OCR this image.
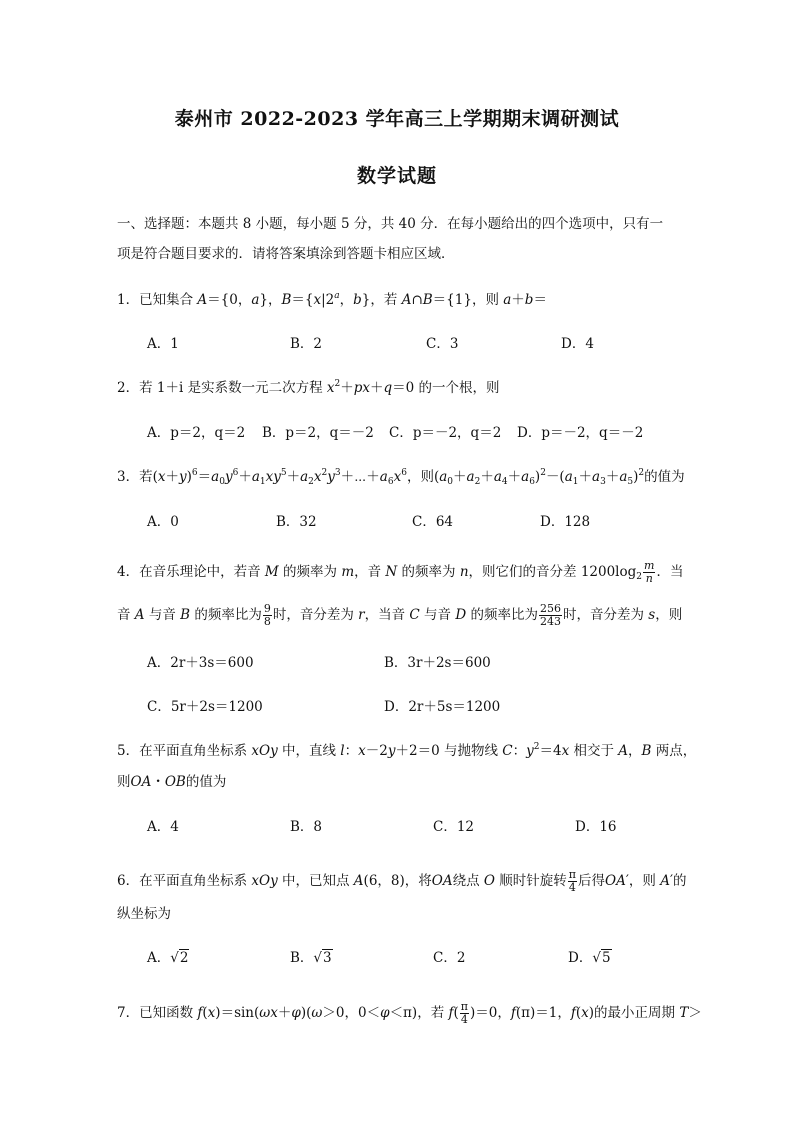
泰州市 2022-2023 学年高三上学期期末调研测试
数学试题
一、选择题：本题共 8 小题，每小题 5 分，共 40 分．在每小题给出的四个选项中，只有一
项是符合题目要求的．请将答案填涂到答题卡相应区域．
1．已知集合 A＝{0，a}，$B=\{x|2^a$，b}，若 A∩B＝{1}，则 a＋b＝
A．1	B．2	C．3	D．4
2．若 1＋i 是实系数一元二次方程 $x^2+px+q=0$ 的一个根，则
A．p＝2，q＝2 B．p＝2，q＝－2 C．p＝－2，q＝2 D．p＝－2，q＝－2
3．若$(x+y)^6=a_0y^6+a_1xy^5+a_2x^2y^3+\cdots+a_6x^6$，则$(a_0+a_2+a_4+a_6)^2-(a_1+a_3+a_5)^2$的值为
A．0	B．32	C．64	D．128
4．在音乐理论中，若音 M 的频率为 m，音 N 的频率为 n，则它们的音分差 $1200\log_2 \frac{m}{n}$ ．当
音 A 与音 B 的频率比为 $\frac{9}{8}$ 时，音分差为 r，当音 C 与音 D 的频率比为 $\frac{256}{243}$ 时，音分差为 s，则
A．2r＋3s＝600	B．3r＋2s＝600
C．5r＋2s＝1200	D．2r＋5s＝1200
5．在平面直角坐标系 xOy 中，直线 l：x－2y＋2＝0 与抛物线 C：$y^2=4x$ 相交于 A，B 两点，
则OA・OB的值为
A．4	B．8	C．12	D．16
6．在平面直角坐标系 xOy 中，已知点 A(6，8)，将OA绕点 O 顺时针旋转 $\frac{\pi}{4}$ 后得OA′，则 A′的
纵坐标为
A．√2	B．√3	C．2	D．√5
7．已知函数 f(x)＝sin(ωx＋φ)(ω＞0，0＜φ＜π)，若 $f( \frac{\pi}{4} )=0$，f(π)＝1，f(x)的最小正周期 T＞
